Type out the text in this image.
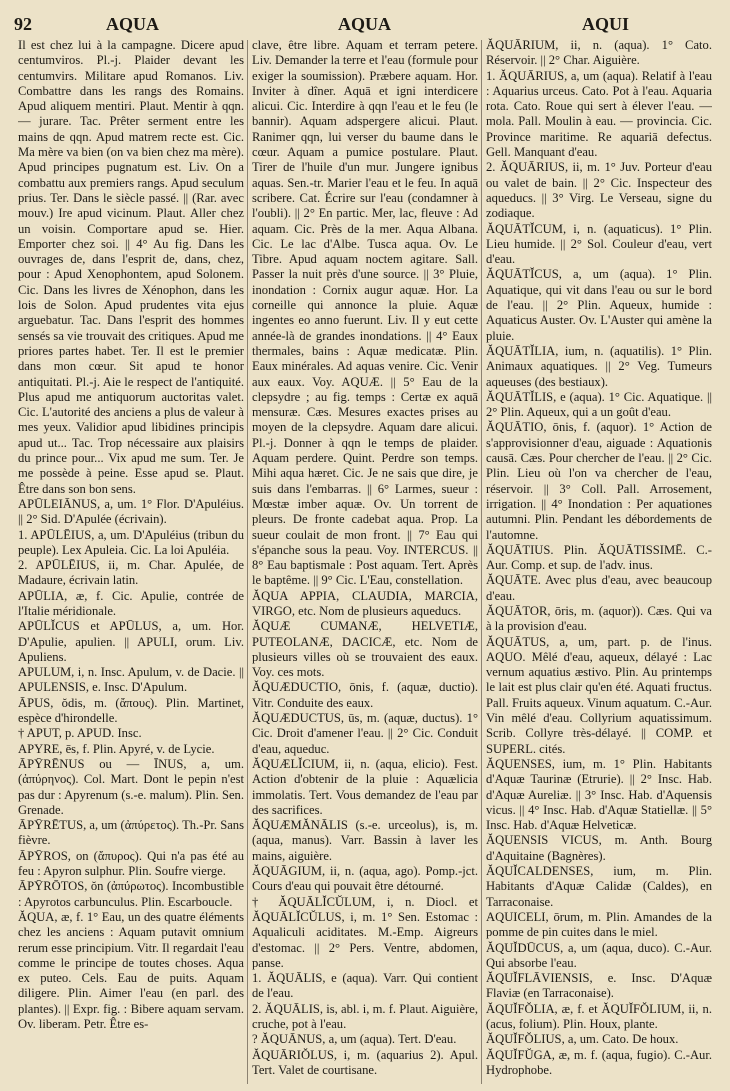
92	AQUA	AQUA	AQUI

Il est chez lui à la campagne. Dicere apud centumviros. Pl.-j. Plaider devant les centumvirs. Militare apud Romanos. Liv. Combattre dans les rangs des Romains. Apud aliquem mentiri. Plaut. Mentir à qqn. — jurare. Tac. Prêter serment entre les mains de qqn. Apud matrem recte est. Cic. Ma mère va bien (on va bien chez ma mère). Apud principes pugnatum est. Liv. On a combattu aux premiers rangs. Apud seculum prius. Ter. Dans le siècle passé. || (Rar. avec mouv.) Ire apud vicinum. Plaut. Aller chez un voisin. Comportare apud se. Hier. Emporter chez soi. || 4° Au fig. Dans les ouvrages de, dans l'esprit de, dans, chez, pour : Apud Xenophontem, apud Solonem. Cic. Dans les livres de Xénophon, dans les lois de Solon. Apud prudentes vita ejus arguebatur. Tac. Dans l'esprit des hommes sensés sa vie trouvait des critiques. Apud me priores partes habet. Ter. Il est le premier dans mon cœur. Sit apud te honor antiquitati. Pl.-j. Aie le respect de l'antiquité. Plus apud me antiquorum auctoritas valet. Cic. L'autorité des anciens a plus de valeur à mes yeux. Validior apud libidines principis apud ut... Tac. Trop nécessaire aux plaisirs du prince pour... Vix apud me sum. Ter. Je me possède à peine. Esse apud se. Plaut. Être dans son bon sens.

APŪLEIĀNUS, a, um. 1° Flor. D'Apuléius. || 2° Sid. D'Apulée (écrivain).

1. APŪLĒIUS, a, um. D'Apuléius (tribun du peuple). Lex Apuleia. Cic. La loi Apuléia.

2. APŪLĒIUS, ii, m. Char. Apulée, de Madaure, écrivain latin.

APŪLIA, æ, f. Cic. Apulie, contrée de l'Italie méridionale.

APŪLĬCUS et APŪLUS, a, um. Hor. D'Apulie, apulien. || APULI, orum. Liv. Apuliens.

APULUM, i, n. Insc. Apulum, v. de Dacie. || APULENSIS, e. Insc. D'Apulum.

ĀPUS, ŏdis, m. (ἄπους). Plin. Martinet, espèce d'hirondelle.

† APUT, p. APUD. Insc.

APYRE, ēs, f. Plin. Apyré, v. de Lycie.

ĀPȲRĒNUS ou — ĪNUS, a, um. (ἀπύρηνος). Col. Mart. Dont le pepin n'est pas dur : Apyrenum (s.-e. malum). Plin. Sen. Grenade.

ĀPȲRĒTUS, a, um (ἀπύρετος). Th.-Pr. Sans fièvre.

ĀPȲROS, on (ἄπυρος). Qui n'a pas été au feu : Apyron sulphur. Plin. Soufre vierge.

ĀPȲRŌTOS, ŏn (ἀπύρωτος). Incombustible : Apyrotos carbunculus. Plin. Escarboucle.

ĂQUA, æ, f. 1° Eau, un des quatre éléments chez les anciens : Aquam putavit omnium rerum esse principium. Vitr. Il regardait l'eau comme le principe de toutes choses. Aqua ex puteo. Cels. Eau de puits. Aquam diligere. Plin. Aimer l'eau (en parl. des plantes). || Expr. fig. : Bibere aquam servam. Ov. liberam. Petr. Être es-

clave, être libre. Aquam et terram petere. Liv. Demander la terre et l'eau (formule pour exiger la soumission). Præbere aquam. Hor. Inviter à dîner. Aquā et igni interdicere alicui. Cic. Interdire à qqn l'eau et le feu (le bannir). Aquam adspergere alicui. Plaut. Ranimer qqn, lui verser du baume dans le cœur. Aquam a pumice postulare. Plaut. Tirer de l'huile d'un mur. Jungere ignibus aquas. Sen.-tr. Marier l'eau et le feu. In aquā scribere. Cat. Écrire sur l'eau (condamner à l'oubli). || 2° En partic. Mer, lac, fleuve : Ad aquam. Cic. Près de la mer. Aqua Albana. Cic. Le lac d'Albe. Tusca aqua. Ov. Le Tibre. Apud aquam noctem agitare. Sall. Passer la nuit près d'une source. || 3° Pluie, inondation : Cornix augur aquæ. Hor. La corneille qui annonce la pluie. Aquæ ingentes eo anno fuerunt. Liv. Il y eut cette année-là de grandes inondations. || 4° Eaux thermales, bains : Aquæ medicatæ. Plin. Eaux minérales. Ad aquas venire. Cic. Venir aux eaux. Voy. AQUÆ. || 5° Eau de la clepsydre ; au fig. temps : Certæ ex aquā mensuræ. Cæs. Mesures exactes prises au moyen de la clepsydre. Aquam dare alicui. Pl.-j. Donner à qqn le temps de plaider. Aquam perdere. Quint. Perdre son temps. Mihi aqua hæret. Cic. Je ne sais que dire, je suis dans l'embarras. || 6° Larmes, sueur : Mœstæ imber aquæ. Ov. Un torrent de pleurs. De fronte cadebat aqua. Prop. La sueur coulait de mon front. || 7° Eau qui s'épanche sous la peau. Voy. INTERCUS. || 8° Eau baptismale : Post aquam. Tert. Après le baptême. || 9° Cic. L'Eau, constellation.

ĂQUA APPIA, CLAUDIA, MARCIA, VIRGO, etc. Nom de plusieurs aqueducs.

ĂQUÆ CUMANÆ, HELVETIÆ, PUTEOLANÆ, DACICÆ, etc. Nom de plusieurs villes où se trouvaient des eaux. Voy. ces mots.

ĂQUÆDUCTIO, ōnis, f. (aquæ, ductio). Vitr. Conduite des eaux.

ĂQUÆDUCTUS, ūs, m. (aquæ, ductus). 1° Cic. Droit d'amener l'eau. || 2° Cic. Conduit d'eau, aqueduc.

ĂQUÆLĬCIUM, ii, n. (aqua, elicio). Fest. Action d'obtenir de la pluie : Aquælicia immolatis. Tert. Vous demandez de l'eau par des sacrifices.

ĂQUÆMĂNĀLIS (s.-e. urceolus), is, m. (aqua, manus). Varr. Bassin à laver les mains, aiguière.

ĂQUĀGIUM, ii, n. (aqua, ago). Pomp.-jct. Cours d'eau qui pouvait être détourné.

† ĂQUĀLĬCŬLUM, i, n. Diocl. et ĂQUĀLĬCŬLUS, i, m. 1° Sen. Estomac : Aqualiculi aciditates. M.-Emp. Aigreurs d'estomac. || 2° Pers. Ventre, abdomen, panse.

1. ĂQUĀLIS, e (aqua). Varr. Qui contient de l'eau.

2. ĂQUĀLIS, is, abl. i, m. f. Plaut. Aiguière, cruche, pot à l'eau.

? ĂQUĀNUS, a, um (aqua). Tert. D'eau.

ĂQUĀRIŎLUS, i, m. (aquarius 2). Apul. Tert. Valet de courtisane.

ĂQUĀRIUM, ii, n. (aqua). 1° Cato. Réservoir. || 2° Char. Aiguière.

1. ĂQUĀRIUS, a, um (aqua). Relatif à l'eau : Aquarius urceus. Cato. Pot à l'eau. Aquaria rota. Cato. Roue qui sert à élever l'eau. — mola. Pall. Moulin à eau. — provincia. Cic. Province maritime. Re aquariā defectus. Gell. Manquant d'eau.

2. ĂQUĀRIUS, ii, m. 1° Juv. Porteur d'eau ou valet de bain. || 2° Cic. Inspecteur des aqueducs. || 3° Virg. Le Verseau, signe du zodiaque.

ĂQUĀTĬCUM, i, n. (aquaticus). 1° Plin. Lieu humide. || 2° Sol. Couleur d'eau, vert d'eau.

ĂQUĀTĬCUS, a, um (aqua). 1° Plin. Aquatique, qui vit dans l'eau ou sur le bord de l'eau. || 2° Plin. Aqueux, humide : Aquaticus Auster. Ov. L'Auster qui amène la pluie.

ĂQUĀTĬLIA, ium, n. (aquatilis). 1° Plin. Animaux aquatiques. || 2° Veg. Tumeurs aqueuses (des bestiaux).

ĂQUĀTĬLIS, e (aqua). 1° Cic. Aquatique. || 2° Plin. Aqueux, qui a un goût d'eau.

ĂQUĀTIO, ōnis, f. (aquor). 1° Action de s'approvisionner d'eau, aiguade : Aquationis causā. Cæs. Pour chercher de l'eau. || 2° Cic. Plin. Lieu où l'on va chercher de l'eau, réservoir. || 3° Coll. Pall. Arrosement, irrigation. || 4° Inondation : Per aquationes autumni. Plin. Pendant les débordements de l'automne.

ĂQUĀTIUS. Plin. ĂQUĀTISSIMĒ. C.-Aur. Comp. et sup. de l'adv. inus.

ĂQUĀTE. Avec plus d'eau, avec beaucoup d'eau.

ĂQUĀTOR, ōris, m. (aquor)). Cæs. Qui va à la provision d'eau.

ĂQUĀTUS, a, um, part. p. de l'inus. AQUO. Mêlé d'eau, aqueux, délayé : Lac vernum aquatius æstivo. Plin. Au printemps le lait est plus clair qu'en été. Aquati fructus. Pall. Fruits aqueux. Vinum aquatum. C.-Aur. Vin mêlé d'eau. Collyrium aquatissimum. Scrib. Collyre très-délayé. || COMP. et SUPERL. cités.

ĂQUENSES, ium, m. 1° Plin. Habitants d'Aquæ Taurinæ (Etrurie). || 2° Insc. Hab. d'Aquæ Aureliæ. || 3° Insc. Hab. d'Aquensis vicus. || 4° Insc. Hab. d'Aquæ Statiellæ. || 5° Insc. Hab. d'Aquæ Helveticæ.

ĂQUENSIS VICUS, m. Anth. Bourg d'Aquitaine (Bagnères).

ĂQUĬCALDENSES, ium, m. Plin. Habitants d'Aquæ Calidæ (Caldes), en Tarraconaise.

AQUICELI, ōrum, m. Plin. Amandes de la pomme de pin cuites dans le miel.

ĂQUĬDŪCUS, a, um (aqua, duco). C.-Aur. Qui absorbe l'eau.

ĂQUĬFLĀVIENSIS, e. Insc. D'Aquæ Flaviæ (en Tarraconaise).

ĂQUĬFŎLIA, æ, f. et ĂQUĬFŎLIUM, ii, n. (acus, folium). Plin. Houx, plante.

ĂQUĬFŎLIUS, a, um. Cato. De houx.

ĂQUĬFŬGA, æ, m. f. (aqua, fugio). C.-Aur. Hydrophobe.
